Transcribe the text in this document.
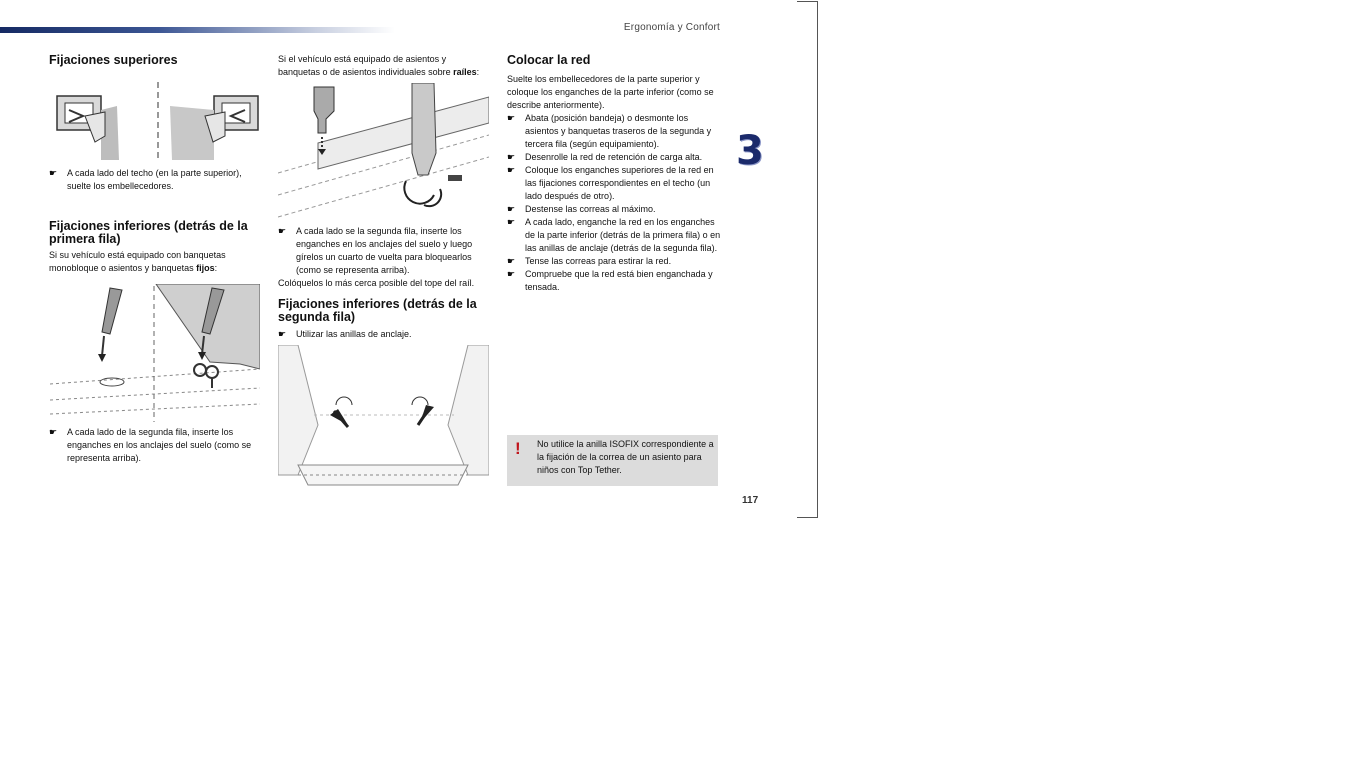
Ergonomía y Confort
3
117
Fijaciones superiores
☛ A cada lado del techo (en la parte superior), suelte los embellecedores.
Fijaciones inferiores (detrás de la primera fila)

Si su vehículo está equipado con banquetas monobloque o asientos y banquetas fijos:

☛ A cada lado de la segunda fila, inserte los enganches en los anclajes del suelo (como se representa arriba).

Si el vehículo está equipado de asientos y banquetas o de asientos individuales sobre raíles:

☛ A cada lado se la segunda fila, inserte los enganches en los anclajes del suelo y luego gírelos un cuarto de vuelta para bloquearlos (como se representa arriba).

Colóquelos lo más cerca posible del tope del raíl.

Fijaciones inferiores (detrás de la segunda fila)
☛ Utilizar las anillas de anclaje.
Colocar la red

Suelte los embellecedores de la parte superior y coloque los enganches de la parte inferior (como se describe anteriormente).

☛ Abata (posición bandeja) o desmonte los asientos y banquetas traseros de la segunda y tercera fila (según equipamiento).
☛ Desenrolle la red de retención de carga alta.
☛ Coloque los enganches superiores de la red en las fijaciones correspondientes en el techo (un lado después de otro).
☛ Destense las correas al máximo.
☛ A cada lado, enganche la red en los enganches de la parte inferior (detrás de la primera fila) o en las anillas de anclaje (detrás de la segunda fila).
☛ Tense las correas para estirar la red.
☛ Compruebe que la red está bien enganchada y tensada.
! No utilice la anilla ISOFIX correspondiente a la fijación de la correa de un asiento para niños con Top Tether.
